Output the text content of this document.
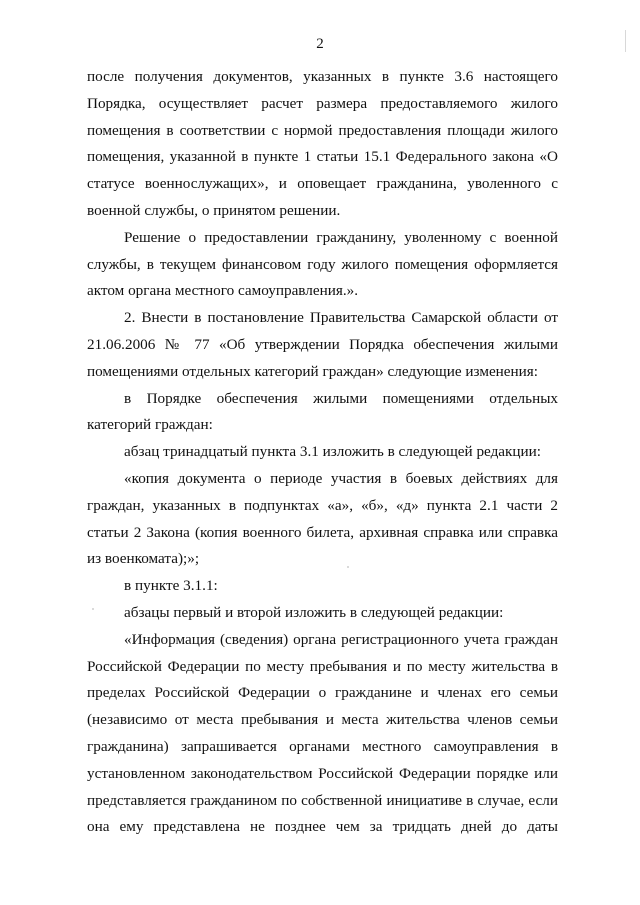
2

после получения документов, указанных в пункте 3.6 настоящего Порядка, осуществляет расчет размера предоставляемого жилого помещения в соответствии с нормой предоставления площади жилого помещения, указанной в пункте 1 статьи 15.1 Федерального закона «О статусе военнослужащих», и оповещает гражданина, уволенного с военной службы, о принятом решении.

Решение о предоставлении гражданину, уволенному с военной службы, в текущем финансовом году жилого помещения оформляется актом органа местного самоуправления.».

2. Внести в постановление Правительства Самарской области от 21.06.2006 № 77 «Об утверждении Порядка обеспечения жилыми помещениями отдельных категорий граждан» следующие изменения:

в Порядке обеспечения жилыми помещениями отдельных категорий граждан:

абзац тринадцатый пункта 3.1 изложить в следующей редакции:

«копия документа о периоде участия в боевых действиях для граждан, указанных в подпунктах «а», «б», «д» пункта 2.1 части 2 статьи 2 Закона (копия военного билета, архивная справка или справка из военкомата);»;

в пункте 3.1.1:

абзацы первый и второй изложить в следующей редакции:

«Информация (сведения) органа регистрационного учета граждан Российской Федерации по месту пребывания и по месту жительства в пределах Российской Федерации о гражданине и членах его семьи (независимо от места пребывания и места жительства членов семьи гражданина) запрашивается органами местного самоуправления в установленном законодательством Российской Федерации порядке или представляется гражданином по собственной инициативе в случае, если она ему представлена не позднее чем за тридцать дней до даты
